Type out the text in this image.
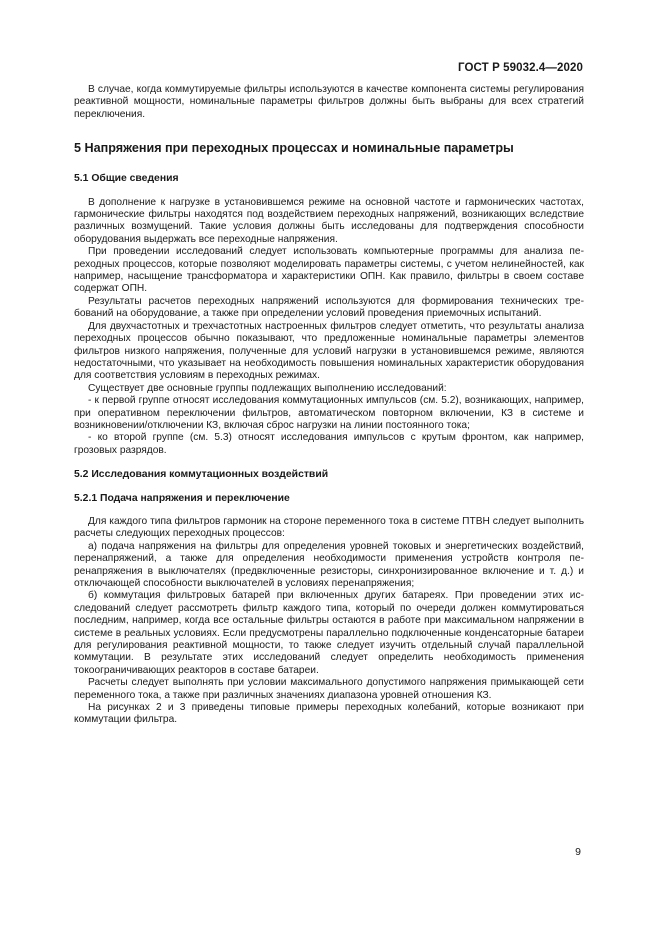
ГОСТ Р 59032.4—2020

В случае, когда коммутируемые фильтры используются в качестве компонента системы регулирования реактивной мощности, номинальные параметры фильтров должны быть выбраны для всех стратегий переключения.

5 Напряжения при переходных процессах и номинальные параметры
5.1 Общие сведения

В дополнение к нагрузке в установившемся режиме на основной частоте и гармонических частотах, гармонические фильтры находятся под воздействием переходных напряжений, возникающих вследствие различных возмущений. Такие условия должны быть исследованы для подтверждения способности оборудования выдержать все переходные напряжения.

При проведении исследований следует использовать компьютерные программы для анализа переходных процессов, которые позволяют моделировать параметры системы, с учетом нелинейностей, как например, насыщение трансформатора и характеристики ОПН. Как правило, фильтры в своем составе содержат ОПН.

Результаты расчетов переходных напряжений используются для формирования технических требований на оборудование, а также при определении условий проведения приемочных испытаний.

Для двухчастотных и трехчастотных настроенных фильтров следует отметить, что результаты анализа переходных процессов обычно показывают, что предложенные номинальные параметры элементов фильтров низкого напряжения, полученные для условий нагрузки в установившемся режиме, являются недостаточными, что указывает на необходимость повышения номинальных характеристик оборудования для соответствия условиям в переходных режимах.

Существует две основные группы подлежащих выполнению исследований:

- к первой группе относят исследования коммутационных импульсов (см. 5.2), возникающих, например, при оперативном переключении фильтров, автоматическом повторном включении, КЗ в системе и возникновении/отключении КЗ, включая сброс нагрузки на линии постоянного тока;

- ко второй группе (см. 5.3) относят исследования импульсов с крутым фронтом, как например, грозовых разрядов.

5.2 Исследования коммутационных воздействий
5.2.1 Подача напряжения и переключение

Для каждого типа фильтров гармоник на стороне переменного тока в системе ПТВН следует выполнить расчеты следующих переходных процессов:

а) подача напряжения на фильтры для определения уровней токовых и энергетических воздействий, перенапряжений, а также для определения необходимости применения устройств контроля перенапряжения в выключателях (предвключенные резисторы, синхронизированное включение и т. д.) и отключающей способности выключателей в условиях перенапряжения;

б) коммутация фильтровых батарей при включенных других батареях. При проведении этих исследований следует рассмотреть фильтр каждого типа, который по очереди должен коммутироваться последним, например, когда все остальные фильтры остаются в работе при максимальном напряжении в системе в реальных условиях. Если предусмотрены параллельно подключенные конденсаторные батареи для регулирования реактивной мощности, то также следует изучить отдельный случай параллельной коммутации. В результате этих исследований следует определить необходимость применения токоограничивающих реакторов в составе батареи.

Расчеты следует выполнять при условии максимального допустимого напряжения примыкающей сети переменного тока, а также при различных значениях диапазона уровней отношения КЗ.

На рисунках 2 и 3 приведены типовые примеры переходных колебаний, которые возникают при коммутации фильтра.

9
